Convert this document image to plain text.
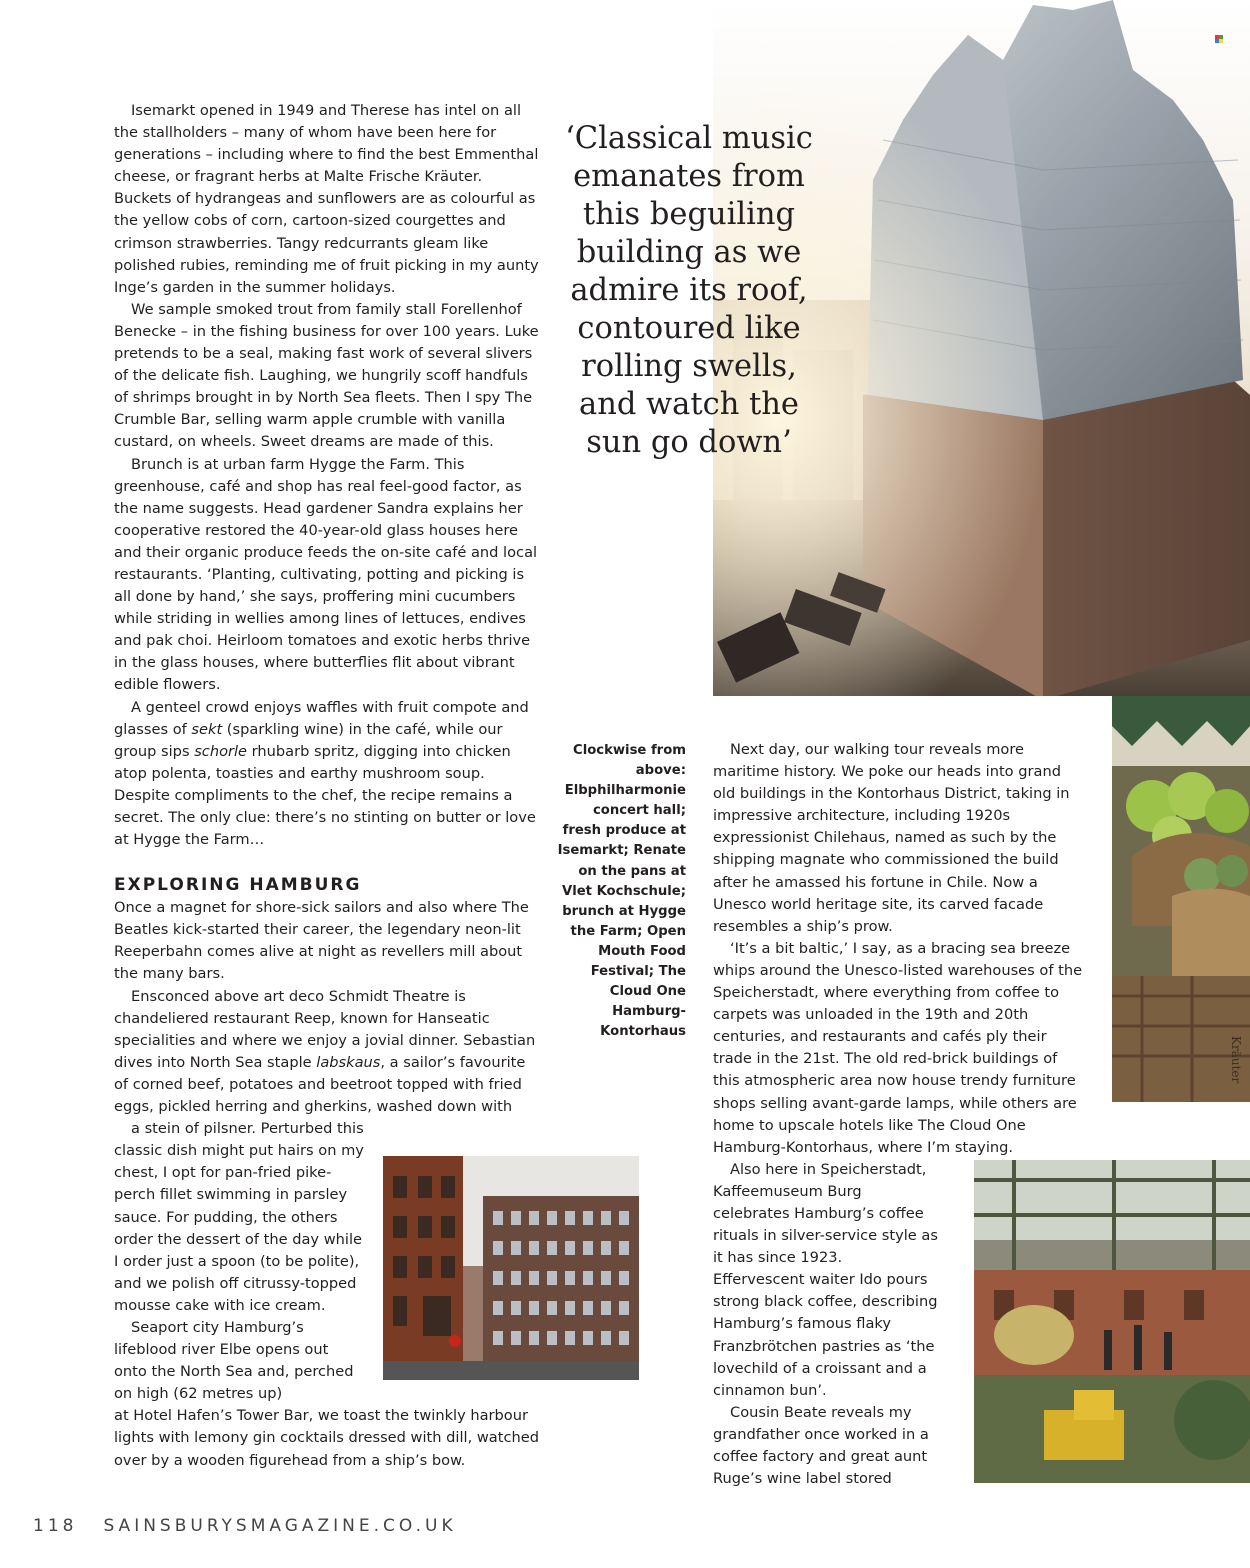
Kräuter

Isemarkt opened in 1949 and Therese has intel on all the stallholders – many of whom have been here for generations – including where to find the best Emmenthal cheese, or fragrant herbs at Malte Frische Kräuter. Buckets of hydrangeas and sunflowers are as colourful as the yellow cobs of corn, cartoon-sized courgettes and crimson strawberries. Tangy redcurrants gleam like polished rubies, reminding me of fruit picking in my aunty Inge’s garden in the summer holidays.

We sample smoked trout from family stall Forellenhof Benecke – in the fishing business for over 100 years. Luke pretends to be a seal, making fast work of several slivers of the delicate fish. Laughing, we hungrily scoff handfuls of shrimps brought in by North Sea fleets. Then I spy The Crumble Bar, selling warm apple crumble with vanilla custard, on wheels. Sweet dreams are made of this.

Brunch is at urban farm Hygge the Farm. This greenhouse, café and shop has real feel-good factor, as the name suggests. Head gardener Sandra explains her cooperative restored the 40-year-old glass houses here and their organic produce feeds the on-site café and local restaurants. ‘Planting, cultivating, potting and picking is all done by hand,’ she says, proffering mini cucumbers while striding in wellies among lines of lettuces, endives and pak choi. Heirloom tomatoes and exotic herbs thrive in the glass houses, where butterflies flit about vibrant edible flowers.

A genteel crowd enjoys waffles with fruit compote and glasses of sekt (sparkling wine) in the café, while our group sips schorle rhubarb spritz, digging into chicken atop polenta, toasties and earthy mushroom soup. Despite compliments to the chef, the recipe remains a secret. The only clue: there’s no stinting on butter or love at Hygge the Farm…

EXPLORING HAMBURG

Once a magnet for shore-sick sailors and also where The Beatles kick-started their career, the legendary neon-lit Reeperbahn comes alive at night as revellers mill about the many bars.

Ensconced above art deco Schmidt Theatre is chandeliered restaurant Reep, known for Hanseatic specialities and where we enjoy a jovial dinner. Sebastian dives into North Sea staple labskaus, a sailor’s favourite of corned beef, potatoes and beetroot topped with fried eggs, pickled herring and gherkins, washed down with

a stein of pilsner. Perturbed this classic dish might put hairs on my chest, I opt for pan-fried pike-perch fillet swimming in parsley sauce. For pudding, the others order the dessert of the day while I order just a spoon (to be polite), and we polish off citrussy-topped mousse cake with ice cream.

Seaport city Hamburg’s lifeblood river Elbe opens out onto the North Sea and, perched on high (62 metres up)

at Hotel Hafen’s Tower Bar, we toast the twinkly harbour lights with lemony gin cocktails dressed with dill, watched over by a wooden figurehead from a ship’s bow.

‘Classical music emanates from this beguiling building as we admire its roof, contoured like rolling swells, and watch the sun go down’
Clockwise from above: Elbphilharmonie concert hall; fresh produce at Isemarkt; Renate on the pans at Vlet Kochschule; brunch at Hygge the Farm; Open Mouth Food Festival; The Cloud One Hamburg-Kontorhaus

Next day, our walking tour reveals more maritime history. We poke our heads into grand old buildings in the Kontorhaus District, taking in impressive architecture, including 1920s expressionist Chilehaus, named as such by the shipping magnate who commissioned the build after he amassed his fortune in Chile. Now a Unesco world heritage site, its carved facade resembles a ship’s prow.

‘It’s a bit baltic,’ I say, as a bracing sea breeze whips around the Unesco-listed warehouses of the Speicherstadt, where everything from coffee to carpets was unloaded in the 19th and 20th centuries, and restaurants and cafés ply their trade in the 21st. The old red-brick buildings of this atmospheric area now house trendy furniture shops selling avant-garde lamps, while others are home to upscale hotels like The Cloud One Hamburg-Kontorhaus, where I’m staying.

Also here in Speicherstadt, Kaffeemuseum Burg celebrates Hamburg’s coffee rituals in silver-service style as it has since 1923. Effervescent waiter Ido pours strong black coffee, describing Hamburg’s famous flaky Franzbrötchen pastries as ‘the lovechild of a croissant and a cinnamon bun’.

Cousin Beate reveals my grandfather once worked in a coffee factory and great aunt Ruge’s wine label stored

118 SAINSBURYSMAGAZINE.CO.UK
